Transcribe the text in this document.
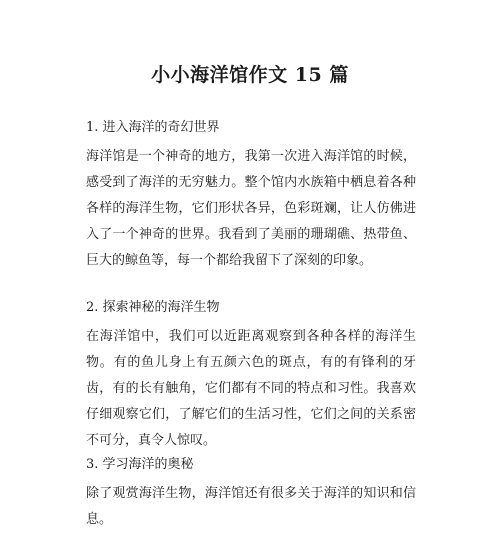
小小海洋馆作文 15 篇

1. 进入海洋的奇幻世界

海洋馆是一个神奇的地方，我第一次进入海洋馆的时候，感受到了海洋的无穷魅力。整个馆内水族箱中栖息着各种各样的海洋生物，它们形状各异，色彩斑斓，让人仿佛进入了一个神奇的世界。我看到了美丽的珊瑚礁、热带鱼、巨大的鲸鱼等，每一个都给我留下了深刻的印象。

2. 探索神秘的海洋生物

在海洋馆中，我们可以近距离观察到各种各样的海洋生物。有的鱼儿身上有五颜六色的斑点，有的有锋利的牙齿，有的长有触角，它们都有不同的特点和习性。我喜欢仔细观察它们，了解它们的生活习性，它们之间的关系密不可分，真令人惊叹。

3. 学习海洋的奥秘

除了观赏海洋生物，海洋馆还有很多关于海洋的知识和信息。
